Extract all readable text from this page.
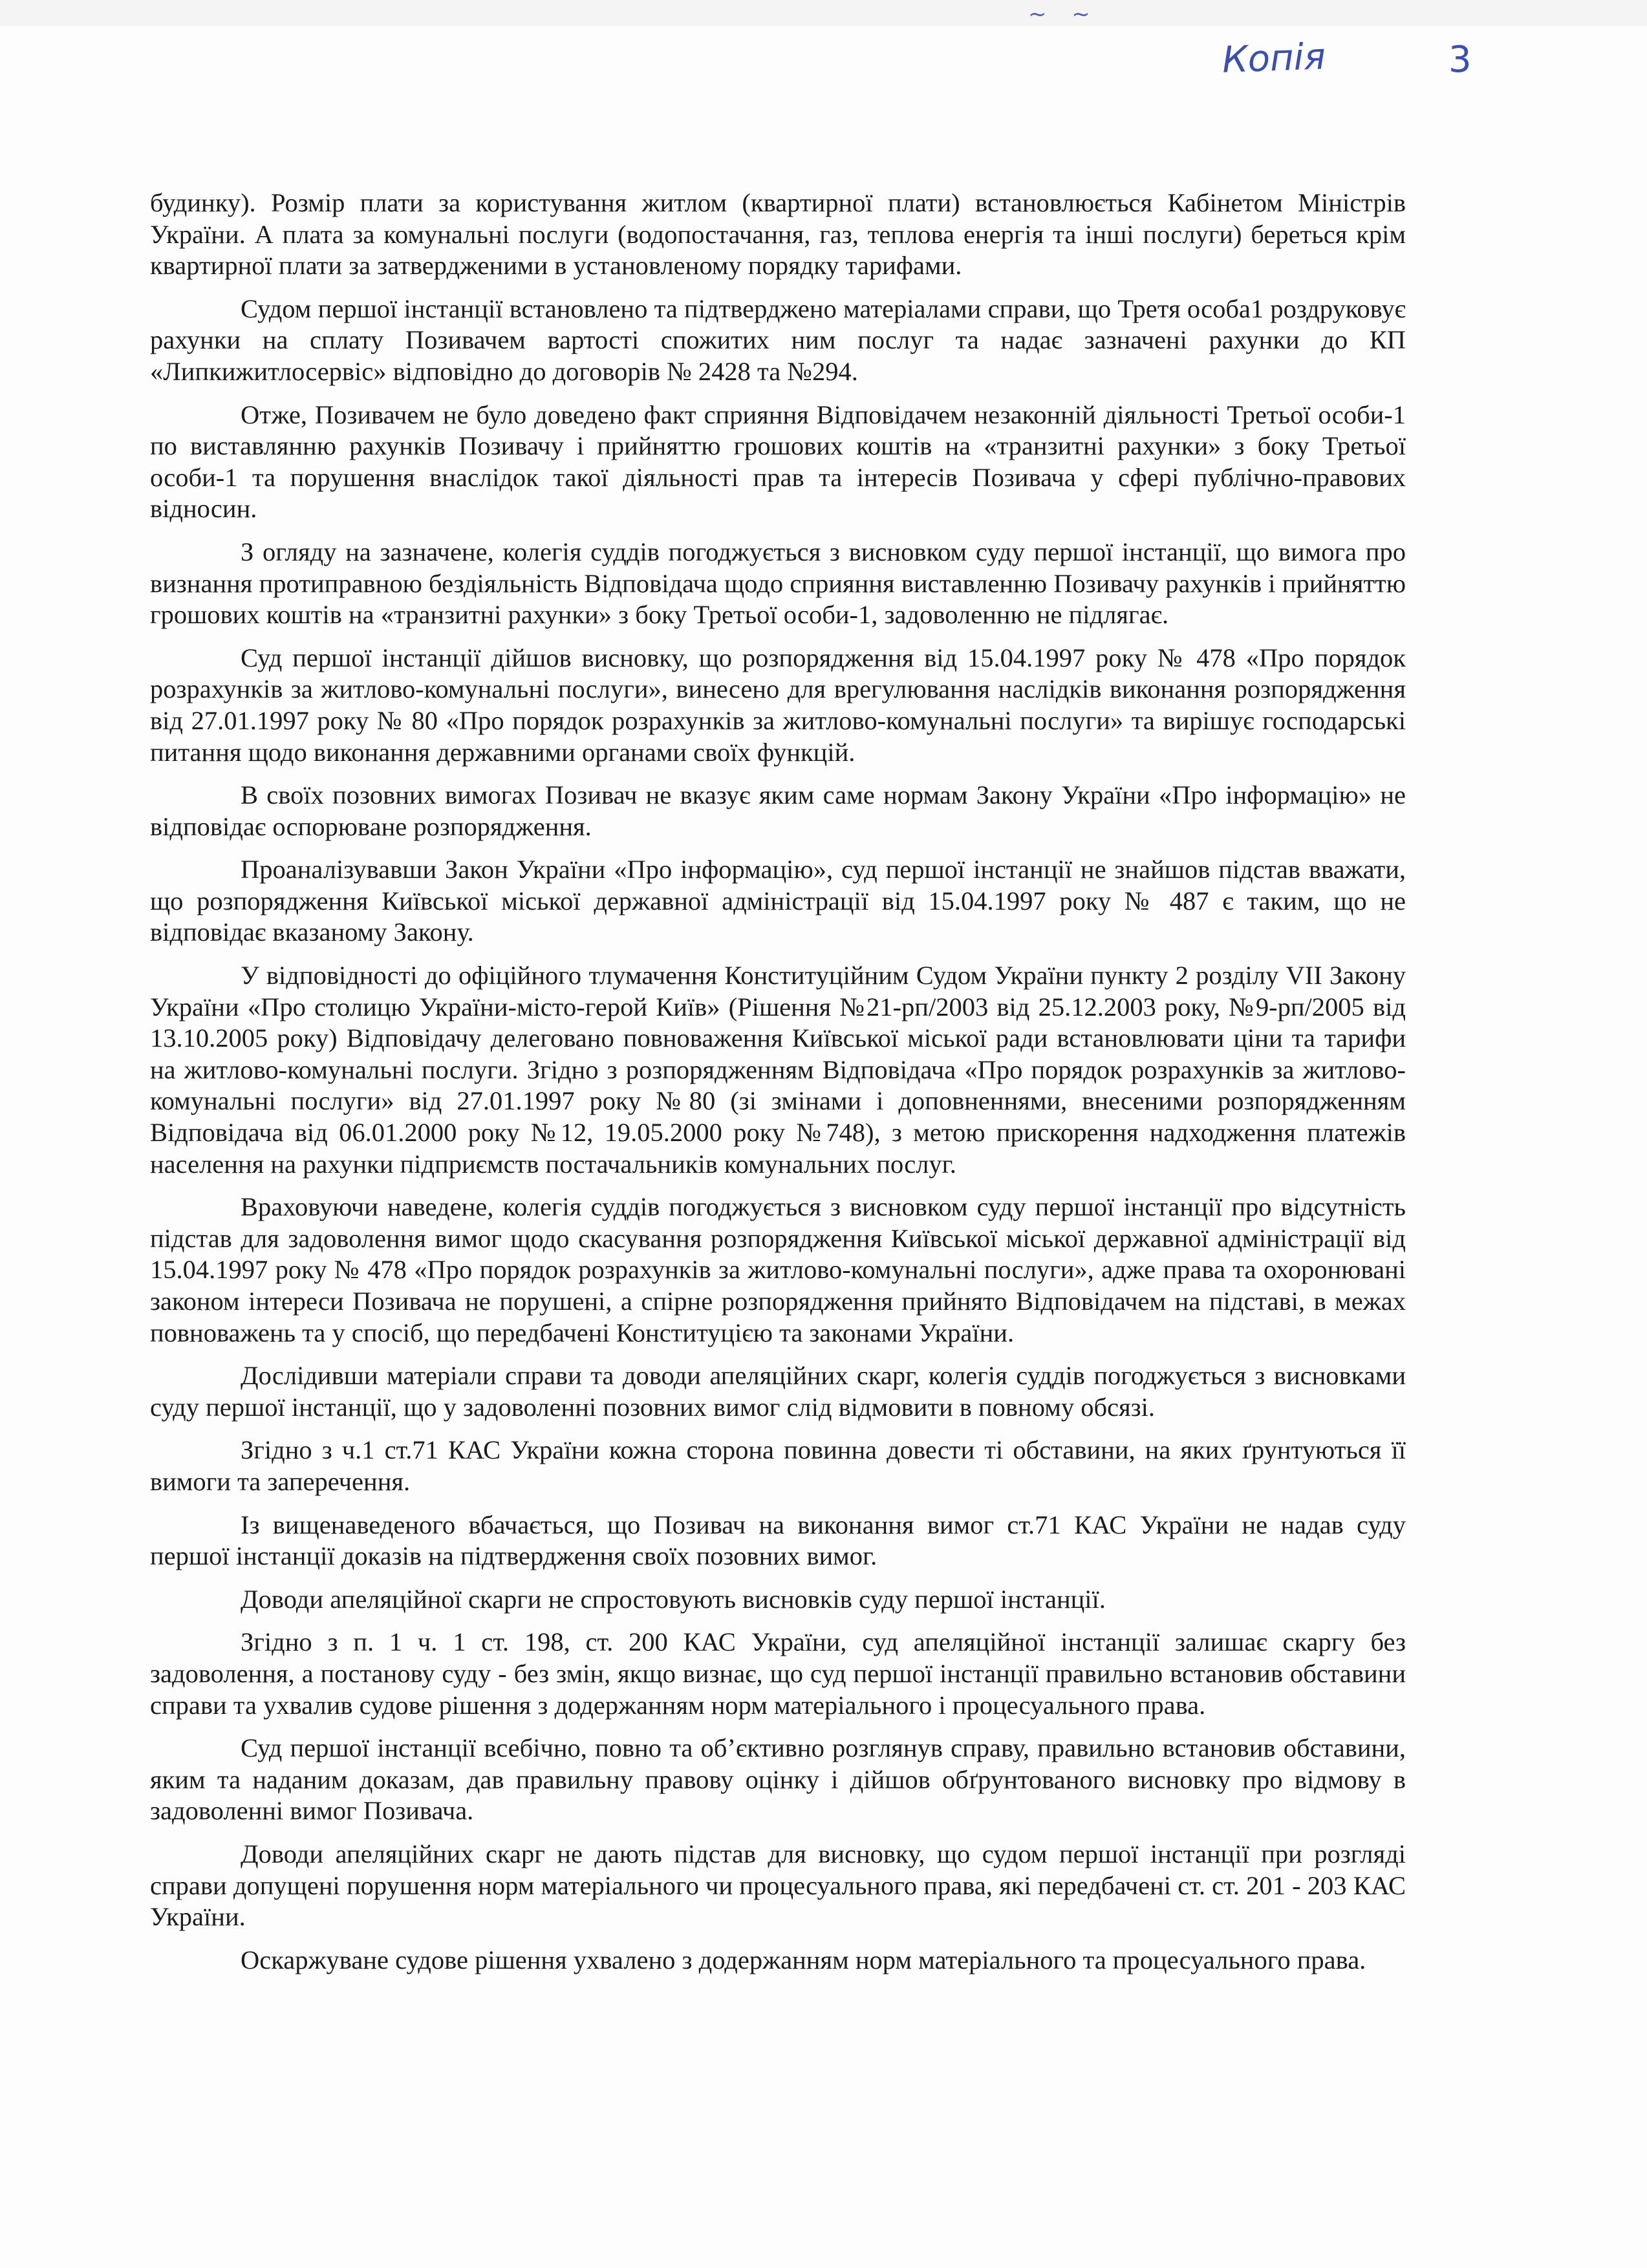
~ ~
Копія	3

будинку). Розмір плати за користування житлом (квартирної плати) встановлюється Кабінетом Міністрів України. А плата за комунальні послуги (водопостачання, газ, теплова енергія та інші послуги) береться крім квартирної плати за затвердженими в установленому порядку тарифами.

Судом першої інстанції встановлено та підтверджено матеріалами справи, що Третя особа1 роздруковує рахунки на сплату Позивачем вартості спожитих ним послуг та надає зазначені рахунки до КП «Липкижитлосервіс» відповідно до договорів № 2428 та №294.

Отже, Позивачем не було доведено факт сприяння Відповідачем незаконній діяльності Третьої особи-1 по виставлянню рахунків Позивачу і прийняттю грошових коштів на «транзитні рахунки» з боку Третьої особи-1 та порушення внаслідок такої діяльності прав та інтересів Позивача у сфері публічно-правових відносин.

З огляду на зазначене, колегія суддів погоджується з висновком суду першої інстанції, що вимога про визнання протиправною бездіяльність Відповідача щодо сприяння виставленню Позивачу рахунків і прийняттю грошових коштів на «транзитні рахунки» з боку Третьої особи-1, задоволенню не підлягає.

Суд першої інстанції дійшов висновку, що розпорядження від 15.04.1997 року № 478 «Про порядок розрахунків за житлово-комунальні послуги», винесено для врегулювання наслідків виконання розпорядження від 27.01.1997 року № 80 «Про порядок розрахунків за житлово-комунальні послуги» та вирішує господарські питання щодо виконання державними органами своїх функцій.

В своїх позовних вимогах Позивач не вказує яким саме нормам Закону України «Про інформацію» не відповідає оспорюване розпорядження.

Проаналізувавши Закон України «Про інформацію», суд першої інстанції не знайшов підстав вважати, що розпорядження Київської міської державної адміністрації від 15.04.1997 року № 487 є таким, що не відповідає вказаному Закону.

У відповідності до офіційного тлумачення Конституційним Судом України пункту 2 розділу VII Закону України «Про столицю України-місто-герой Київ» (Рішення №21-рп/2003 від 25.12.2003 року, №9-рп/2005 від 13.10.2005 року) Відповідачу делеговано повноваження Київської міської ради встановлювати ціни та тарифи на житлово-комунальні послуги. Згідно з розпорядженням Відповідача «Про порядок розрахунків за житлово-комунальні послуги» від 27.01.1997 року №80 (зі змінами і доповненнями, внесеними розпорядженням Відповідача від 06.01.2000 року №12, 19.05.2000 року №748), з метою прискорення надходження платежів населення на рахунки підприємств постачальників комунальних послуг.

Враховуючи наведене, колегія суддів погоджується з висновком суду першої інстанції про відсутність підстав для задоволення вимог щодо скасування розпорядження Київської міської державної адміністрації від 15.04.1997 року № 478 «Про порядок розрахунків за житлово-комунальні послуги», адже права та охоронювані законом інтереси Позивача не порушені, а спірне розпорядження прийнято Відповідачем на підставі, в межах повноважень та у спосіб, що передбачені Конституцією та законами України.

Дослідивши матеріали справи та доводи апеляційних скарг, колегія суддів погоджується з висновками суду першої інстанції, що у задоволенні позовних вимог слід відмовити в повному обсязі.

Згідно з ч.1 ст.71 КАС України кожна сторона повинна довести ті обставини, на яких ґрунтуються її вимоги та заперечення.

Із вищенаведеного вбачається, що Позивач на виконання вимог ст.71 КАС України не надав суду першої інстанції доказів на підтвердження своїх позовних вимог.

Доводи апеляційної скарги не спростовують висновків суду першої інстанції.

Згідно з п. 1 ч. 1 ст. 198, ст. 200 КАС України, суд апеляційної інстанції залишає скаргу без задоволення, а постанову суду - без змін, якщо визнає, що суд першої інстанції правильно встановив обставини справи та ухвалив судове рішення з додержанням норм матеріального і процесуального права.

Суд першої інстанції всебічно, повно та об’єктивно розглянув справу, правильно встановив обставини, яким та наданим доказам, дав правильну правову оцінку і дійшов обґрунтованого висновку про відмову в задоволенні вимог Позивача.

Доводи апеляційних скарг не дають підстав для висновку, що судом першої інстанції при розгляді справи допущені порушення норм матеріального чи процесуального права, які передбачені ст. ст. 201 - 203 КАС України.

Оскаржуване судове рішення ухвалено з додержанням норм матеріального та процесуального права.
